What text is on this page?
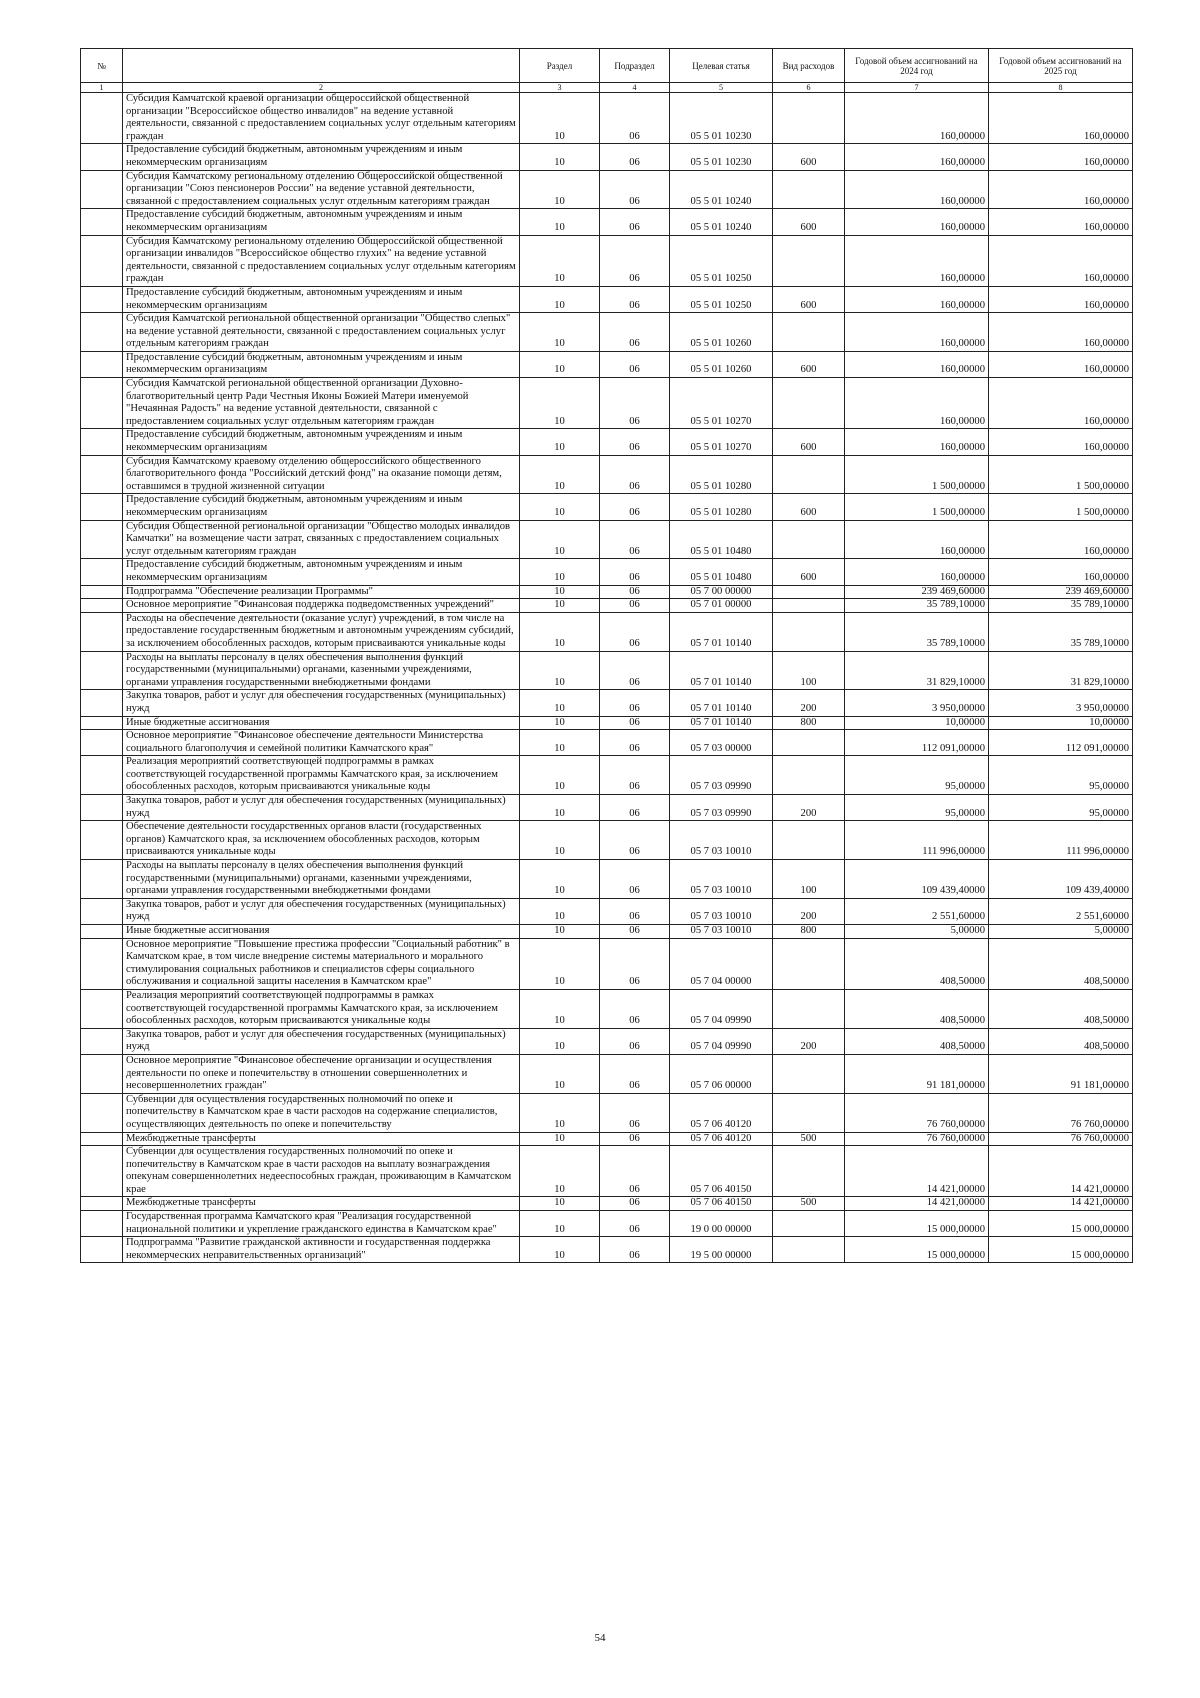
№		Раздел	Подраздел	Целевая статья	Вид расходов	Годовой объем ассигнований на 2024 год	Годовой объем ассигнований на 2025 год
1	2	3	4	5	6	7	8
	Субсидия Камчатской краевой организации общероссийской общественной организации "Всероссийское общество инвалидов" на ведение уставной деятельности, связанной с предоставлением социальных услуг отдельным категориям граждан	10	06	05 5 01 10230		160,00000	160,00000
	Предоставление субсидий бюджетным, автономным учреждениям и иным некоммерческим организациям	10	06	05 5 01 10230	600	160,00000	160,00000
	Субсидия Камчатскому региональному отделению Общероссийской общественной организации "Союз пенсионеров России" на ведение уставной деятельности, связанной с предоставлением социальных услуг отдельным категориям граждан	10	06	05 5 01 10240		160,00000	160,00000
	Предоставление субсидий бюджетным, автономным учреждениям и иным некоммерческим организациям	10	06	05 5 01 10240	600	160,00000	160,00000
	Субсидия Камчатскому региональному отделению Общероссийской общественной организации инвалидов "Всероссийское общество глухих" на ведение уставной деятельности, связанной с предоставлением социальных услуг отдельным категориям граждан	10	06	05 5 01 10250		160,00000	160,00000
	Предоставление субсидий бюджетным, автономным учреждениям и иным некоммерческим организациям	10	06	05 5 01 10250	600	160,00000	160,00000
	Субсидия Камчатской региональной общественной организации "Общество слепых" на ведение уставной деятельности, связанной с предоставлением социальных услуг отдельным категориям граждан	10	06	05 5 01 10260		160,00000	160,00000
	Предоставление субсидий бюджетным, автономным учреждениям и иным некоммерческим организациям	10	06	05 5 01 10260	600	160,00000	160,00000
	Субсидия Камчатской региональной общественной организации Духовно-благотворительный центр Ради Честныя Иконы Божией Матери именуемой "Нечаянная Радость" на ведение уставной деятельности, связанной с предоставлением социальных услуг отдельным категориям граждан	10	06	05 5 01 10270		160,00000	160,00000
	Предоставление субсидий бюджетным, автономным учреждениям и иным некоммерческим организациям	10	06	05 5 01 10270	600	160,00000	160,00000
	Субсидия Камчатскому краевому отделению общероссийского общественного благотворительного фонда "Российский детский фонд" на оказание помощи детям, оставшимся в трудной жизненной ситуации	10	06	05 5 01 10280		1 500,00000	1 500,00000
	Предоставление субсидий бюджетным, автономным учреждениям и иным некоммерческим организациям	10	06	05 5 01 10280	600	1 500,00000	1 500,00000
	Субсидия Общественной региональной организации "Общество молодых инвалидов Камчатки" на возмещение части затрат, связанных с предоставлением социальных услуг отдельным категориям граждан	10	06	05 5 01 10480		160,00000	160,00000
	Предоставление субсидий бюджетным, автономным учреждениям и иным некоммерческим организациям	10	06	05 5 01 10480	600	160,00000	160,00000
	Подпрограмма "Обеспечение реализации Программы"	10	06	05 7 00 00000		239 469,60000	239 469,60000
	Основное мероприятие "Финансовая поддержка подведомственных учреждений"	10	06	05 7 01 00000		35 789,10000	35 789,10000
	Расходы на обеспечение деятельности (оказание услуг) учреждений, в том числе на предоставление государственным бюджетным и автономным учреждениям субсидий, за исключением обособленных расходов, которым присваиваются уникальные коды	10	06	05 7 01 10140		35 789,10000	35 789,10000
	Расходы на выплаты персоналу в целях обеспечения выполнения функций государственными (муниципальными) органами, казенными учреждениями, органами управления государственными внебюджетными фондами	10	06	05 7 01 10140	100	31 829,10000	31 829,10000
	Закупка товаров, работ и услуг для обеспечения государственных (муниципальных) нужд	10	06	05 7 01 10140	200	3 950,00000	3 950,00000
	Иные бюджетные ассигнования	10	06	05 7 01 10140	800	10,00000	10,00000
	Основное мероприятие "Финансовое обеспечение деятельности Министерства социального благополучия и семейной политики Камчатского края"	10	06	05 7 03 00000		112 091,00000	112 091,00000
	Реализация мероприятий соответствующей подпрограммы в рамках соответствующей государственной программы Камчатского края, за исключением обособленных расходов, которым присваиваются уникальные коды	10	06	05 7 03 09990		95,00000	95,00000
	Закупка товаров, работ и услуг для обеспечения государственных (муниципальных) нужд	10	06	05 7 03 09990	200	95,00000	95,00000
	Обеспечение деятельности государственных органов власти (государственных органов) Камчатского края, за исключением обособленных расходов, которым присваиваются уникальные коды	10	06	05 7 03 10010		111 996,00000	111 996,00000
	Расходы на выплаты персоналу в целях обеспечения выполнения функций государственными (муниципальными) органами, казенными учреждениями, органами управления государственными внебюджетными фондами	10	06	05 7 03 10010	100	109 439,40000	109 439,40000
	Закупка товаров, работ и услуг для обеспечения государственных (муниципальных) нужд	10	06	05 7 03 10010	200	2 551,60000	2 551,60000
	Иные бюджетные ассигнования	10	06	05 7 03 10010	800	5,00000	5,00000
	Основное мероприятие "Повышение престижа профессии "Социальный работник" в Камчатском крае, в том числе внедрение системы материального и морального стимулирования социальных работников и специалистов сферы социального обслуживания и социальной защиты населения в Камчатском крае"	10	06	05 7 04 00000		408,50000	408,50000
	Реализация мероприятий соответствующей подпрограммы в рамках соответствующей государственной программы Камчатского края, за исключением обособленных расходов, которым присваиваются уникальные коды	10	06	05 7 04 09990		408,50000	408,50000
	Закупка товаров, работ и услуг для обеспечения государственных (муниципальных) нужд	10	06	05 7 04 09990	200	408,50000	408,50000
	Основное мероприятие "Финансовое обеспечение организации и осуществления деятельности по опеке и попечительству в отношении совершеннолетних и несовершеннолетних граждан"	10	06	05 7 06 00000		91 181,00000	91 181,00000
	Субвенции для осуществления государственных полномочий по опеке и попечительству в Камчатском крае в части расходов на содержание специалистов, осуществляющих деятельность по опеке и попечительству	10	06	05 7 06 40120		76 760,00000	76 760,00000
	Межбюджетные трансферты	10	06	05 7 06 40120	500	76 760,00000	76 760,00000
	Субвенции для осуществления государственных полномочий по опеке и попечительству в Камчатском крае в части расходов на выплату вознаграждения опекунам совершеннолетних недееспособных граждан, проживающим в Камчатском крае	10	06	05 7 06 40150		14 421,00000	14 421,00000
	Межбюджетные трансферты	10	06	05 7 06 40150	500	14 421,00000	14 421,00000
	Государственная программа Камчатского края "Реализация государственной национальной политики и укрепление гражданского единства в Камчатском крае"	10	06	19 0 00 00000		15 000,00000	15 000,00000
	Подпрограмма "Развитие гражданской активности и государственная поддержка некоммерческих неправительственных организаций"	10	06	19 5 00 00000		15 000,00000	15 000,00000
54
